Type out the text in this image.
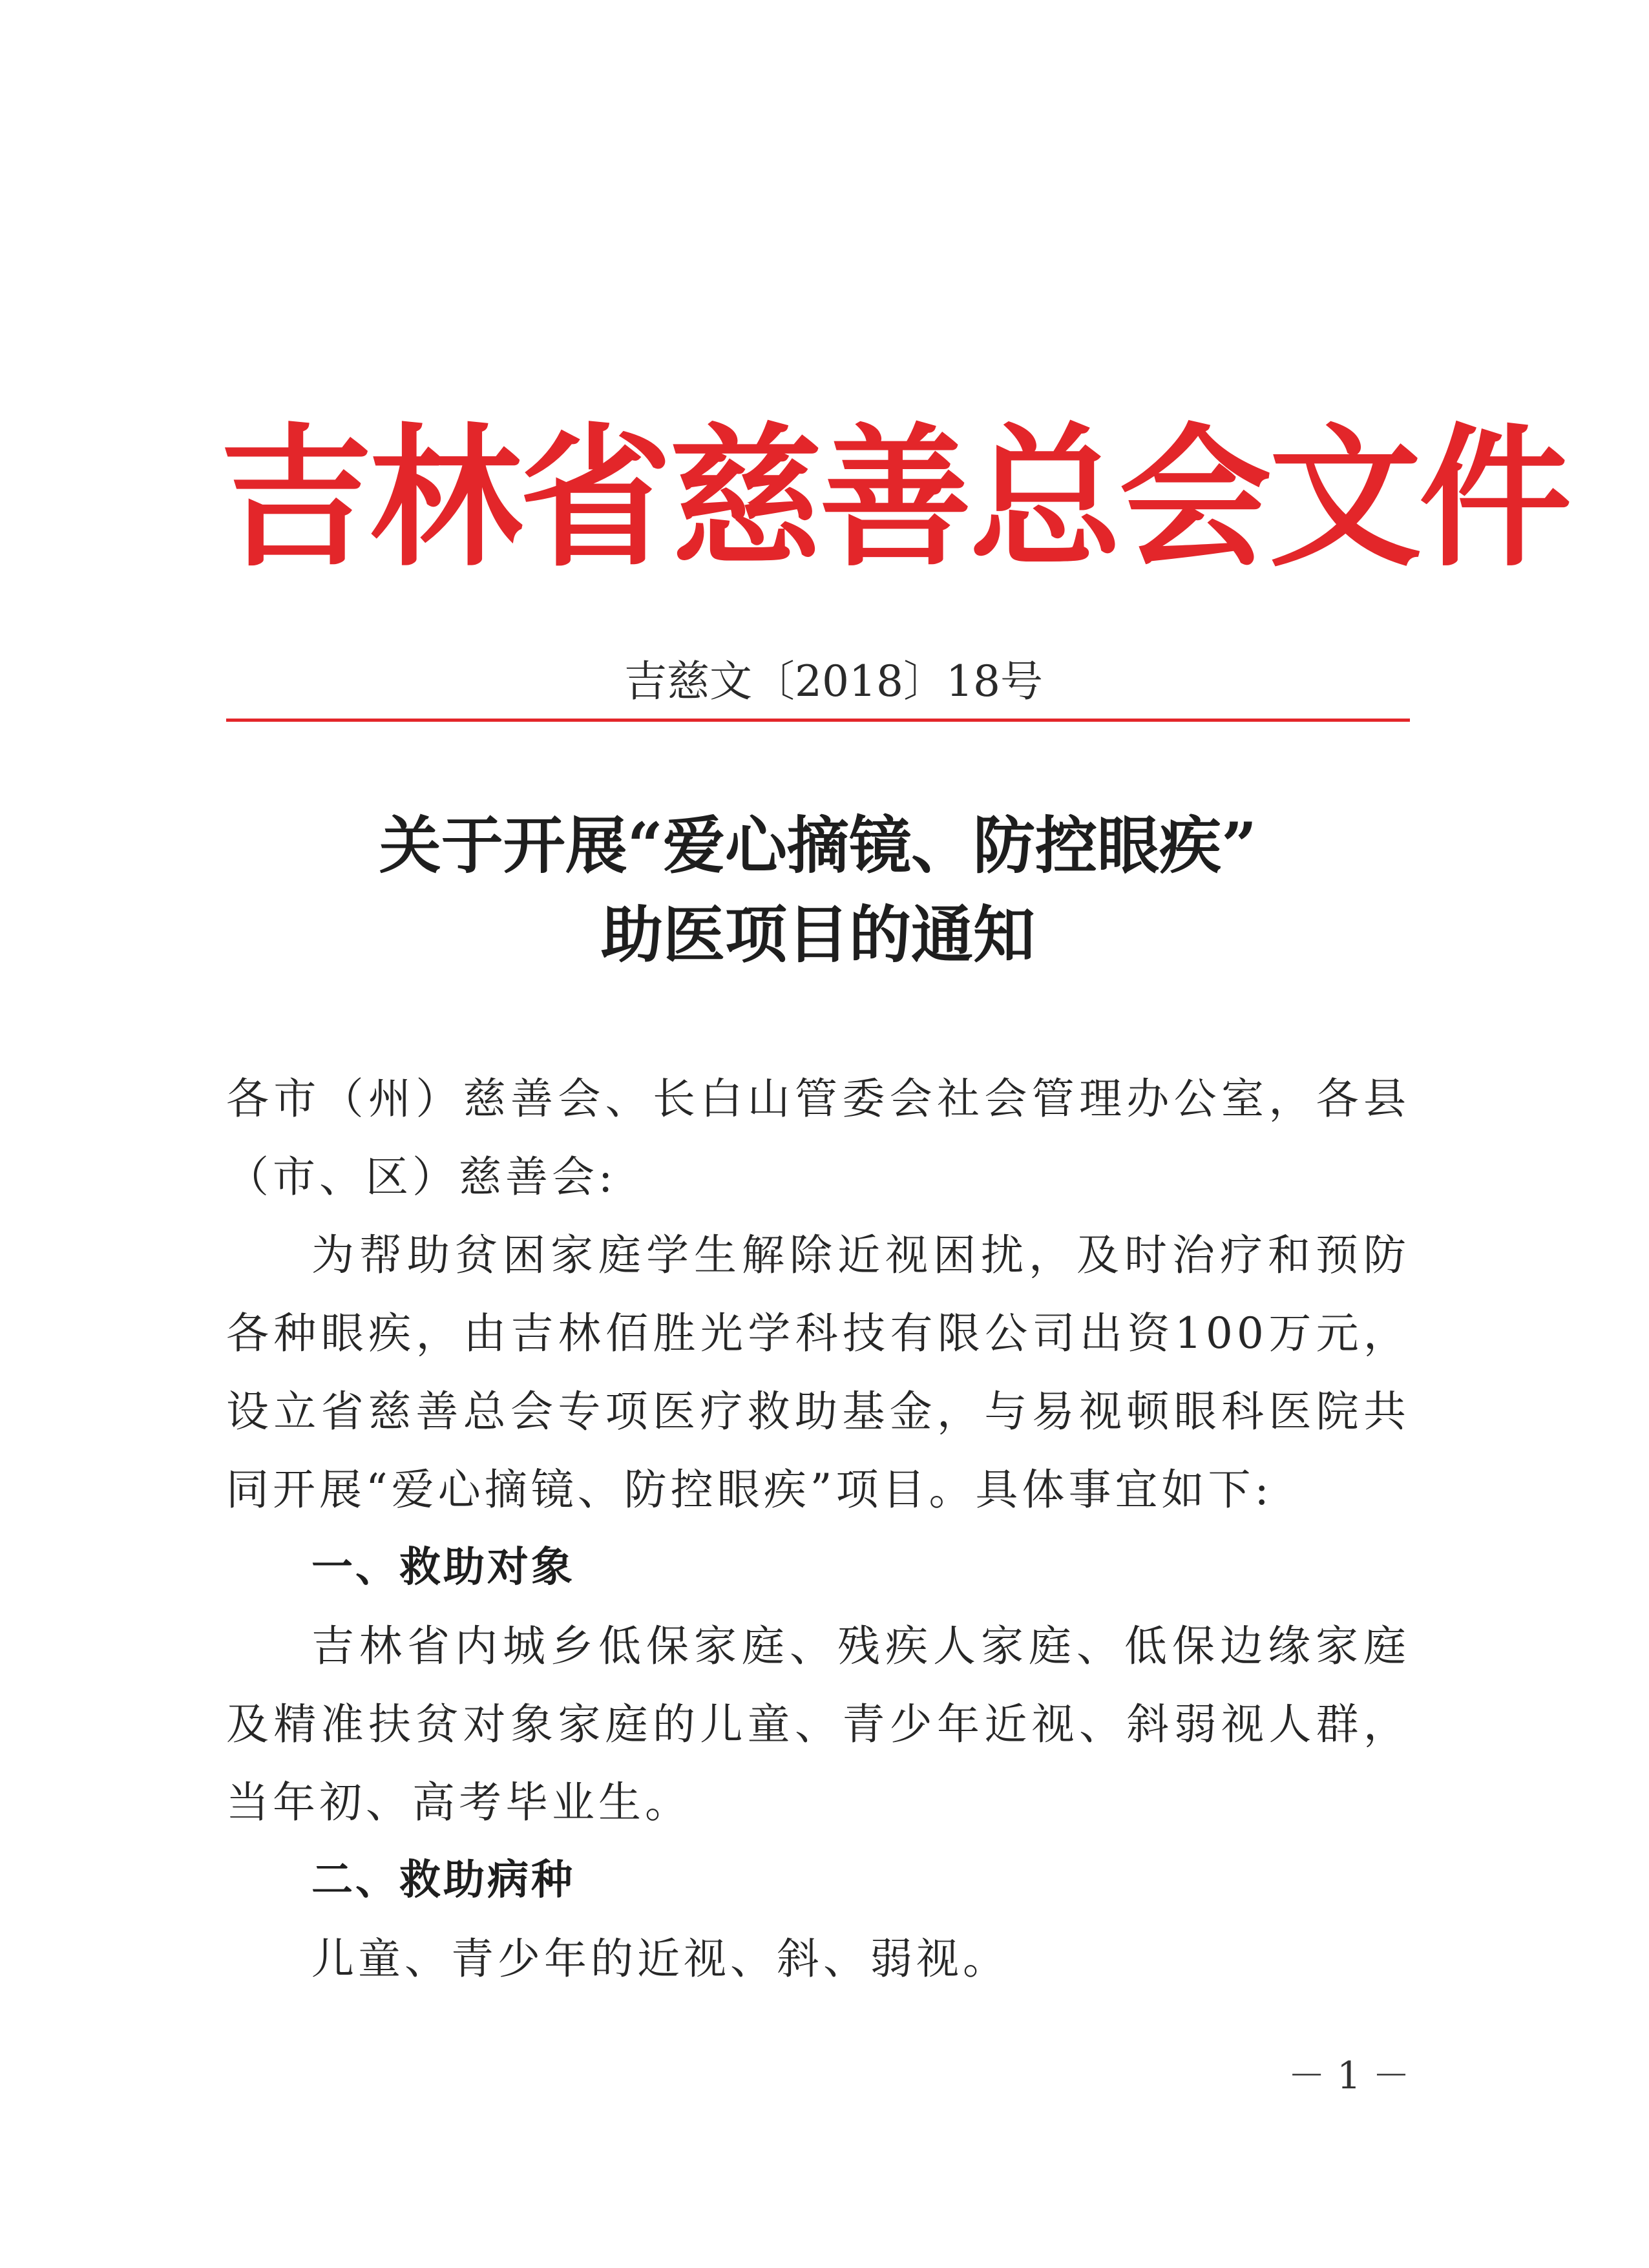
吉林省慈善总会文件
吉慈文〔2018〕18号
关于开展“爱心摘镜、防控眼疾”
助医项目的通知

各市（州）慈善会、长白山管委会社会管理办公室，各县（市、区）慈善会:

为帮助贫困家庭学生解除近视困扰，及时治疗和预防各种眼疾，由吉林佰胜光学科技有限公司出资100万元，设立省慈善总会专项医疗救助基金，与易视顿眼科医院共同开展“爱心摘镜、防控眼疾”项目。具体事宜如下:

一、救助对象

吉林省内城乡低保家庭、残疾人家庭、低保边缘家庭及精准扶贫对象家庭的儿童、青少年近视、斜弱视人群，当年初、高考毕业生。

二、救助病种

儿童、青少年的近视、斜、弱视。

－1－
